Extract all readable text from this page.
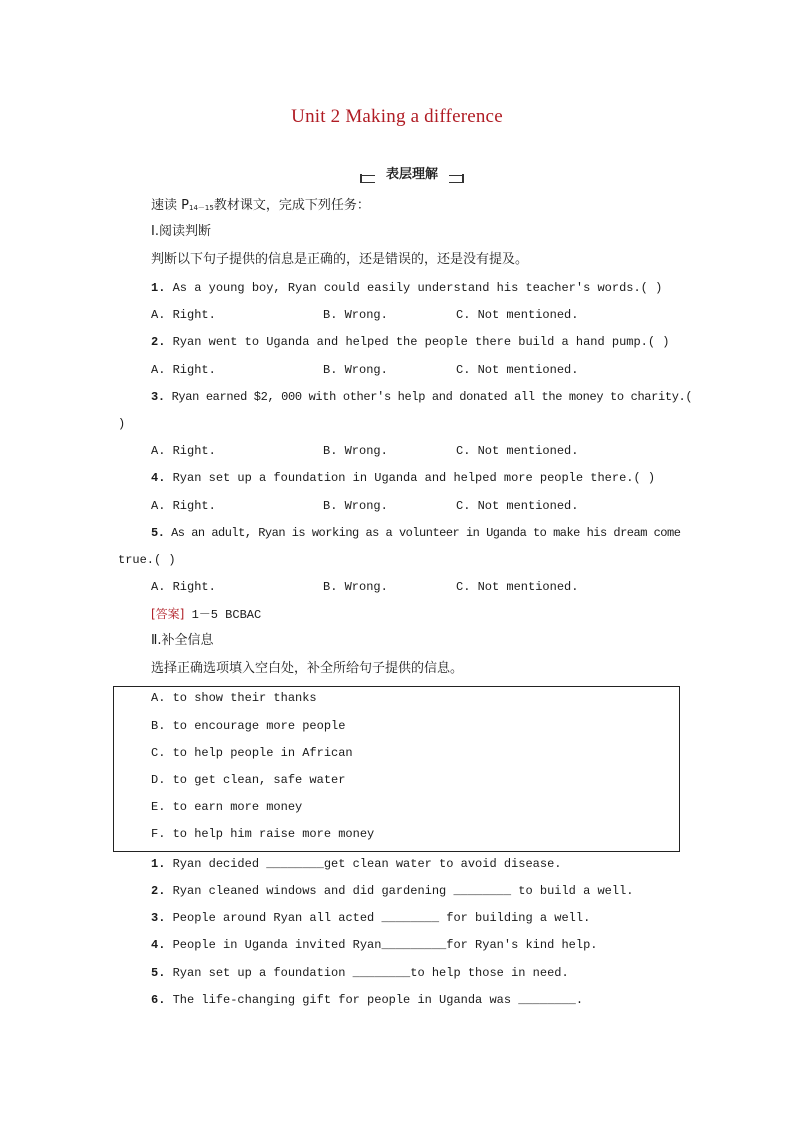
Unit 2 Making a difference
表层理解
速读 P14－15教材课文，完成下列任务：
Ⅰ.阅读判断
判断以下句子提供的信息是正确的，还是错误的，还是没有提及。
1. As a young boy, Ryan could easily understand his teacher's words.( )
A. Right.	B. Wrong.	C. Not mentioned.
2. Ryan went to Uganda and helped the people there build a hand pump.( )
A. Right.	B. Wrong.	C. Not mentioned.
3. Ryan earned $2, 000 with other's help and donated all the money to charity.(
)
A. Right.	B. Wrong.	C. Not mentioned.
4. Ryan set up a foundation in Uganda and helped more people there.( )
A. Right.	B. Wrong.	C. Not mentioned.
5. As an adult, Ryan is working as a volunteer in Uganda to make his dream come
true.( )
A. Right.	B. Wrong.	C. Not mentioned.
[答案] 1－5 BCBAC
Ⅱ.补全信息
选择正确选项填入空白处，补全所给句子提供的信息。
A. to show their thanks
B. to encourage more people
C. to help people in African
D. to get clean, safe water
E. to earn more money
F. to help him raise more money
1. Ryan decided ________get clean water to avoid disease.
2. Ryan cleaned windows and did gardening ________ to build a well.
3. People around Ryan all acted ________ for building a well.
4. People in Uganda invited Ryan_________for Ryan's kind help.
5. Ryan set up a foundation ________to help those in need.
6. The life-changing gift for people in Uganda was ________.
